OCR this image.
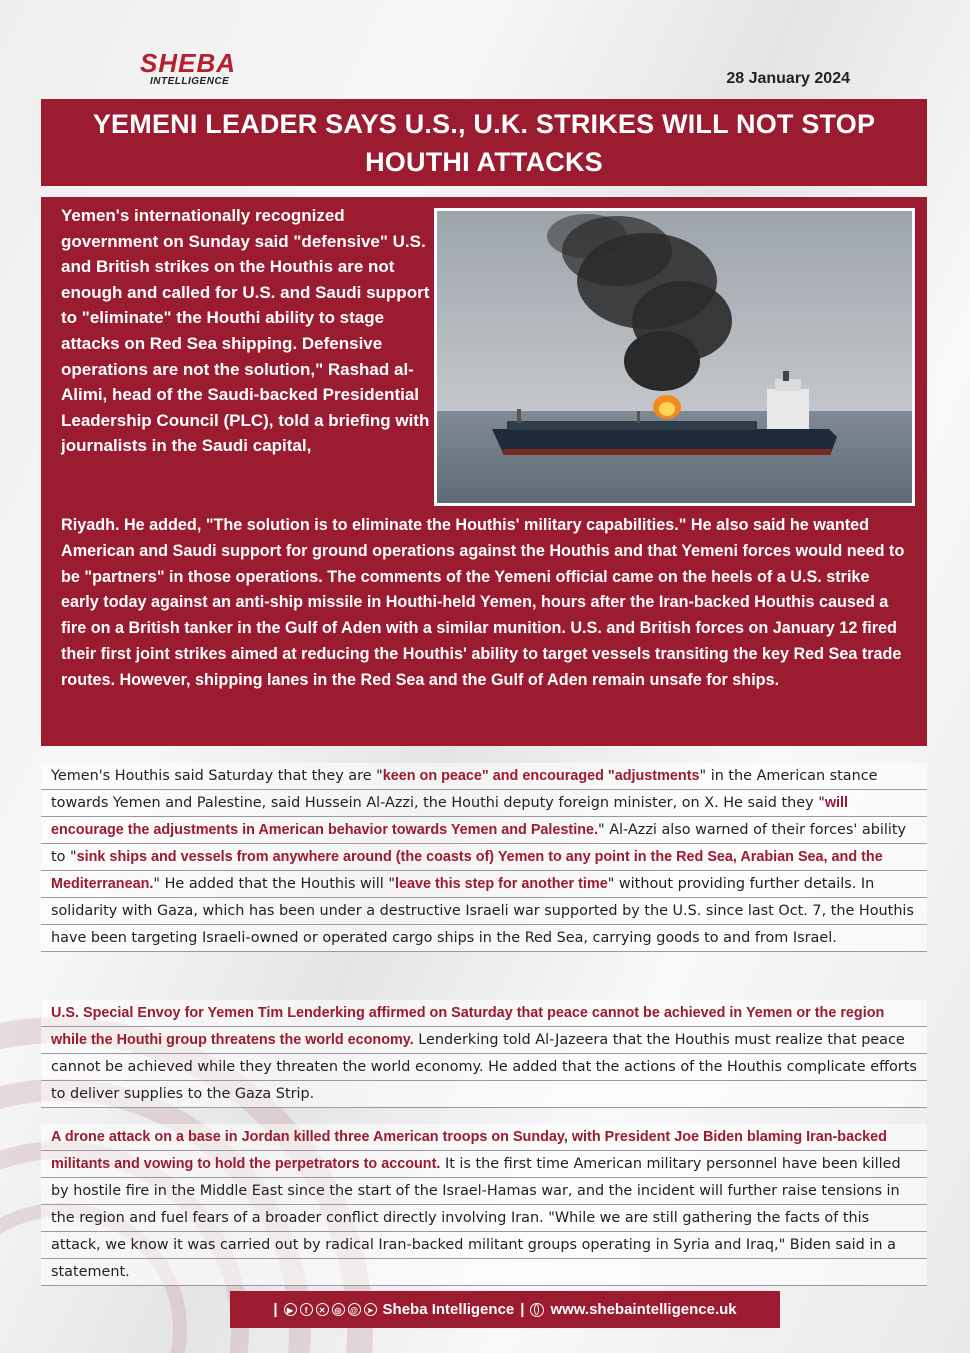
SHEBA
INTELLIGENCE	28 January 2024
YEMENI LEADER SAYS U.S., U.K. STRIKES WILL NOT STOP HOUTHI ATTACKS
Yemen's internationally recognized government on Sunday said "defensive" U.S. and British strikes on the Houthis are not enough and called for U.S. and Saudi support to "eliminate" the Houthi ability to stage attacks on Red Sea shipping. Defensive operations are not the solution," Rashad al-Alimi, head of the Saudi-backed Presidential Leadership Council (PLC), told a briefing with journalists in the Saudi capital,
Riyadh. He added, "The solution is to eliminate the Houthis' military capabilities." He also said he wanted American and Saudi support for ground operations against the Houthis and that Yemeni forces would need to be "partners" in those operations. The comments of the Yemeni official came on the heels of a U.S. strike early today against an anti-ship missile in Houthi-held Yemen, hours after the Iran-backed Houthis caused a fire on a British tanker in the Gulf of Aden with a similar munition. U.S. and British forces on January 12 fired their first joint strikes aimed at reducing the Houthis' ability to target vessels transiting the key Red Sea trade routes. However, shipping lanes in the Red Sea and the Gulf of Aden remain unsafe for ships.

Yemen's Houthis said Saturday that they are "keen on peace" and encouraged "adjustments" in the American stance towards Yemen and Palestine, said Hussein Al-Azzi, the Houthi deputy foreign minister, on X. He said they "will encourage the adjustments in American behavior towards Yemen and Palestine." Al-Azzi also warned of their forces' ability to "sink ships and vessels from anywhere around (the coasts of) Yemen to any point in the Red Sea, Arabian Sea, and the Mediterranean." He added that the Houthis will "leave this step for another time" without providing further details. In solidarity with Gaza, which has been under a destructive Israeli war supported by the U.S. since last Oct. 7, the Houthis have been targeting Israeli-owned or operated cargo ships in the Red Sea, carrying goods to and from Israel.

U.S. Special Envoy for Yemen Tim Lenderking affirmed on Saturday that peace cannot be achieved in Yemen or the region while the Houthi group threatens the world economy. Lenderking told Al-Jazeera that the Houthis must realize that peace cannot be achieved while they threaten the world economy. He added that the actions of the Houthis complicate efforts to deliver supplies to the Gaza Strip.

A drone attack on a base in Jordan killed three American troops on Sunday, with President Joe Biden blaming Iran-backed militants and vowing to hold the perpetrators to account. It is the first time American military personnel have been killed by hostile fire in the Middle East since the start of the Israel-Hamas war, and the incident will further raise tensions in the region and fuel fears of a broader conflict directly involving Iran. "While we are still gathering the facts of this attack, we know it was carried out by radical Iran-backed militant groups operating in Syria and Iraq," Biden said in a statement.

|	▶	f	✕	◎	@	➤ Sheba Intelligence | www.shebaintelligence.uk
